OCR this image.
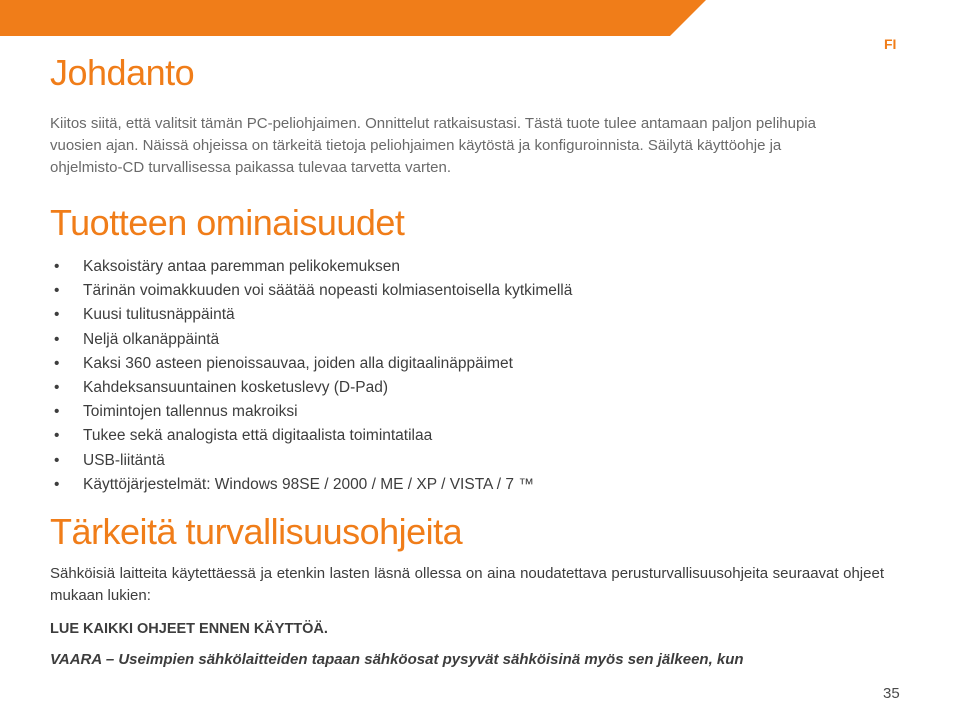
FI
Johdanto

Kiitos siitä, että valitsit tämän PC-peliohjaimen. Onnittelut ratkaisustasi. Tästä tuote tulee antamaan paljon pelihupia vuosien ajan. Näissä ohjeissa on tärkeitä tietoja peliohjaimen käytöstä ja konfiguroinnista. Säilytä käyttöohje ja ohjelmisto-CD turvallisessa paikassa tulevaa tarvetta varten.

Tuotteen ominaisuudet
• Kaksoistäry antaa paremman pelikokemuksen
• Tärinän voimakkuuden voi säätää nopeasti kolmiasentoisella kytkimellä
• Kuusi tulitusnäppäintä
• Neljä olkanäppäintä
• Kaksi 360 asteen pienoissauvaa, joiden alla digitaalinäppäimet
• Kahdeksansuuntainen kosketuslevy (D-Pad)
• Toimintojen tallennus makroiksi
• Tukee sekä analogista että digitaalista toimintatilaa
• USB-liitäntä
• Käyttöjärjestelmät: Windows 98SE / 2000 / ME / XP / VISTA / 7 ™
Tärkeitä turvallisuusohjeita

Sähköisiä laitteita käytettäessä ja etenkin lasten läsnä ollessa on aina noudatettava perusturvallisuusohjeita seuraavat ohjeet mukaan lukien:

LUE KAIKKI OHJEET ENNEN KÄYTTÖÄ.

VAARA – Useimpien sähkölaitteiden tapaan sähköosat pysyvät sähköisinä myös sen jälkeen, kun

35
